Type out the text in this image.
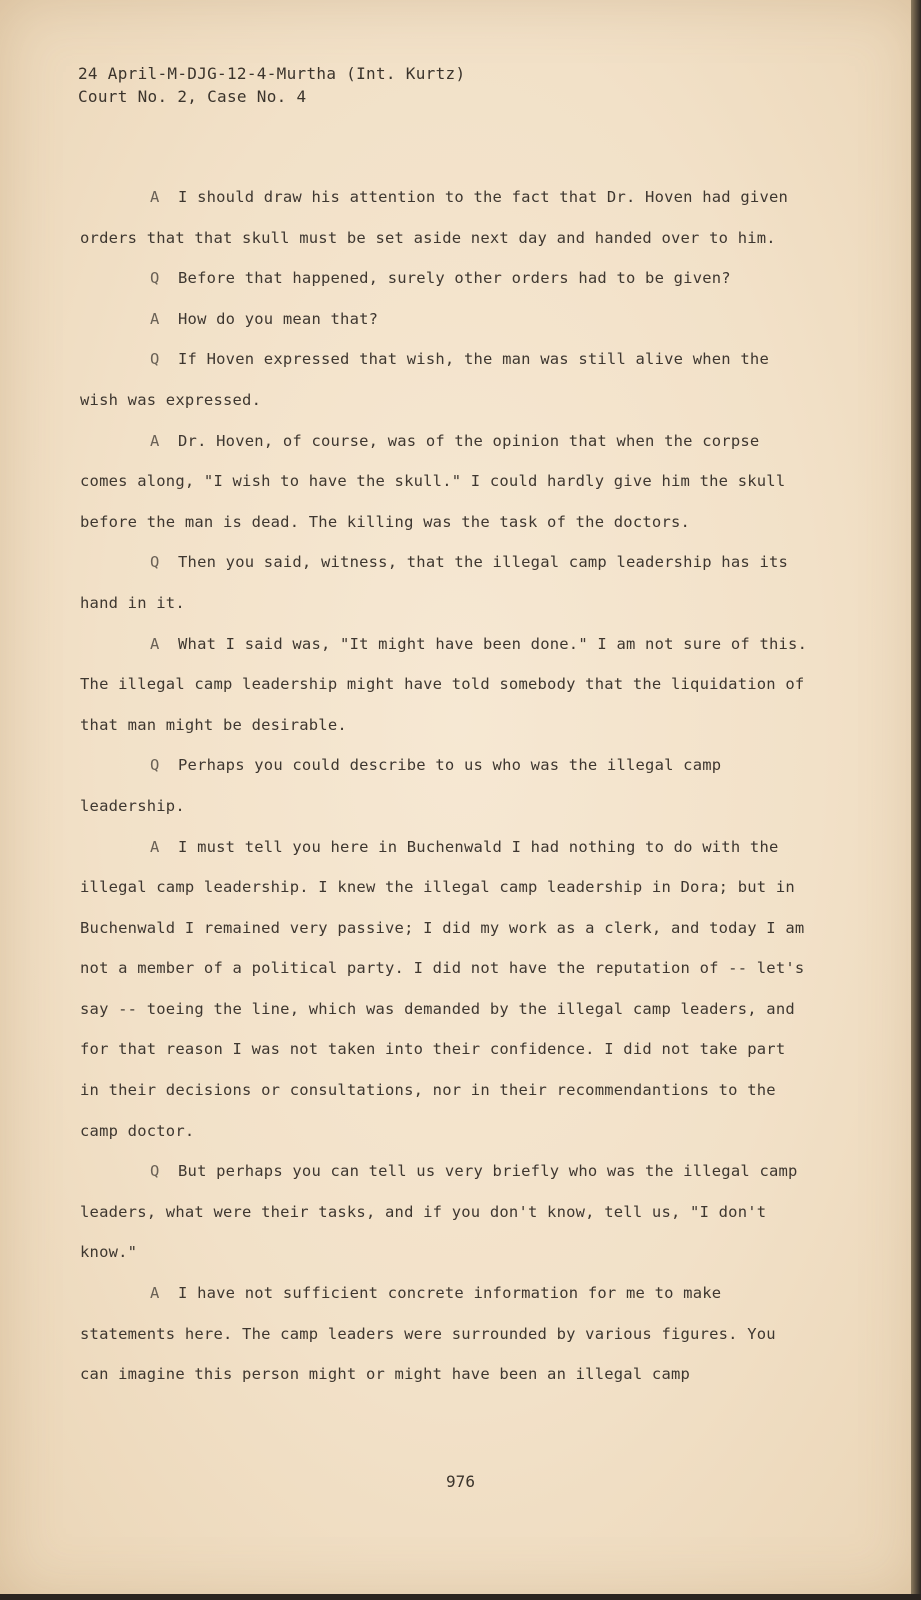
24 April-M-DJG-12-4-Murtha (Int. Kurtz)
Court No. 2, Case No. 4

A I should draw his attention to the fact that Dr. Hoven had given orders that that skull must be set aside next day and handed over to him.

Q Before that happened, surely other orders had to be given?

A How do you mean that?

Q If Hoven expressed that wish, the man was still alive when the wish was expressed.

A Dr. Hoven, of course, was of the opinion that when the corpse comes along, "I wish to have the skull." I could hardly give him the skull before the man is dead. The killing was the task of the doctors.

Q Then you said, witness, that the illegal camp leadership has its hand in it.

A What I said was, "It might have been done." I am not sure of this. The illegal camp leadership might have told somebody that the liquidation of that man might be desirable.

Q Perhaps you could describe to us who was the illegal camp leadership.

A I must tell you here in Buchenwald I had nothing to do with the illegal camp leadership. I knew the illegal camp leadership in Dora; but in Buchenwald I remained very passive; I did my work as a clerk, and today I am not a member of a political party. I did not have the reputation of -- let's say -- toeing the line, which was demanded by the illegal camp leaders, and for that reason I was not taken into their confidence. I did not take part in their decisions or consultations, nor in their recommendantions to the camp doctor.

Q But perhaps you can tell us very briefly who was the illegal camp leaders, what were their tasks, and if you don't know, tell us, "I don't know."

A I have not sufficient concrete information for me to make statements here. The camp leaders were surrounded by various figures. You can imagine this person might or might have been an illegal camp

976
